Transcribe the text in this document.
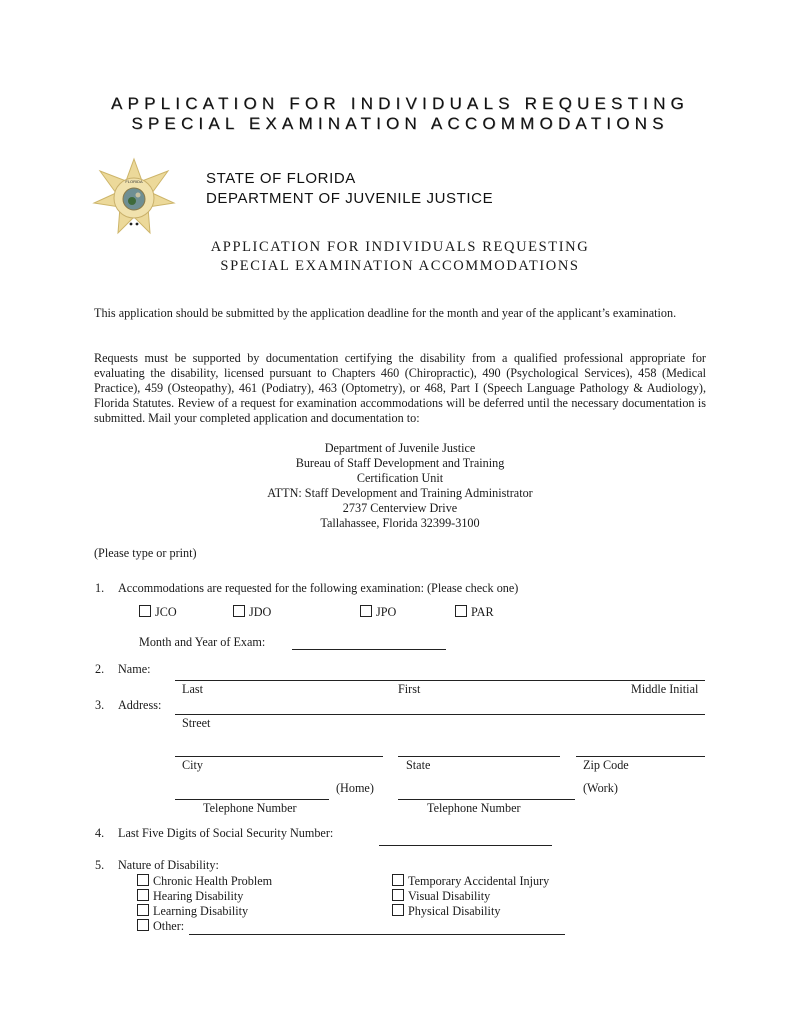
APPLICATION FOR INDIVIDUALS REQUESTING
SPECIAL EXAMINATION ACCOMMODATIONS
FLORIDA	STATE OF FLORIDA
DEPARTMENT OF JUVENILE JUSTICE
APPLICATION FOR INDIVIDUALS REQUESTING
SPECIAL EXAMINATION ACCOMMODATIONS
This application should be submitted by the application deadline for the month and year of the applicant’s examination.
Requests must be supported by documentation certifying the disability from a qualified professional appropriate for evaluating the disability, licensed pursuant to Chapters 460 (Chiropractic), 490 (Psychological Services), 458 (Medical Practice), 459 (Osteopathy), 461 (Podiatry), 463 (Optometry), or 468, Part I (Speech Language Pathology & Audiology), Florida Statutes. Review of a request for examination accommodations will be deferred until the necessary documentation is submitted. Mail your completed application and documentation to:
Department of Juvenile Justice
Bureau of Staff Development and Training
Certification Unit
ATTN: Staff Development and Training Administrator
2737 Centerview Drive
Tallahassee, Florida 32399-3100
(Please type or print)
1. Accommodations are requested for the following examination: (Please check one)
JCO	JDO	JPO	PAR
Month and Year of Exam:
2. Name:
Last	First	Middle Initial
3. Address:
Street
City	State	Zip Code
(Home)	(Work)
Telephone Number	Telephone Number
4. Last Five Digits of Social Security Number:
5. Nature of Disability:
Chronic Health Problem
Hearing Disability
Learning Disability
Other:
Temporary Accidental Injury
Visual Disability
Physical Disability
